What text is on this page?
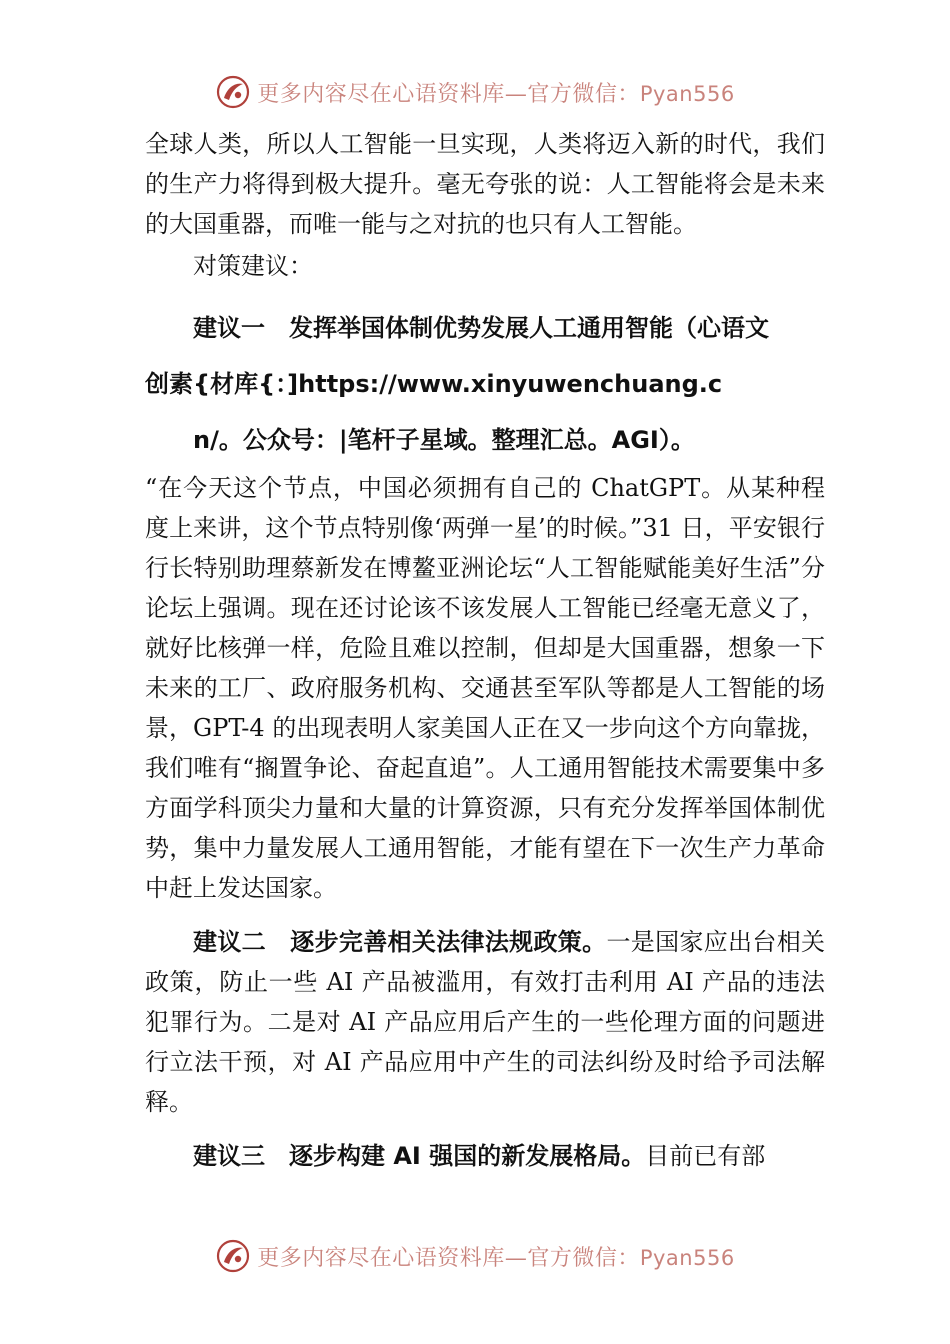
更多内容尽在心语资料库—官方微信：Pyan556

全球人类，所以人工智能一旦实现，人类将迈入新的时代，我们的生产力将得到极大提升。毫无夸张的说：人工智能将会是未来的大国重器，而唯一能与之对抗的也只有人工智能。

对策建议：

建议一　发挥举国体制优势发展人工通用智能（心语文

创素{材库{：]https://www.xinyuwenchuang.c

n/。公众号：|笔杆子星域。整理汇总。AGI）。

“在今天这个节点，中国必须拥有自己的 ChatGPT。从某种程度上来讲，这个节点特别像‘两弹一星’的时候。”31 日，平安银行行长特别助理蔡新发在博鳌亚洲论坛“人工智能赋能美好生活”分论坛上强调。现在还讨论该不该发展人工智能已经毫无意义了，就好比核弹一样，危险且难以控制，但却是大国重器，想象一下未来的工厂、政府服务机构、交通甚至军队等都是人工智能的场景，GPT-4 的出现表明人家美国人正在又一步向这个方向靠拢，我们唯有“搁置争论、奋起直追”。人工通用智能技术需要集中多方面学科顶尖力量和大量的计算资源，只有充分发挥举国体制优势，集中力量发展人工通用智能，才能有望在下一次生产力革命中赶上发达国家。

建议二　逐步完善相关法律法规政策。一是国家应出台相关政策，防止一些 AI 产品被滥用，有效打击利用 AI 产品的违法犯罪行为。二是对 AI 产品应用后产生的一些伦理方面的问题进行立法干预，对 AI 产品应用中产生的司法纠纷及时给予司法解释。

建议三　逐步构建 AI 强国的新发展格局。目前已有部

更多内容尽在心语资料库—官方微信：Pyan556
